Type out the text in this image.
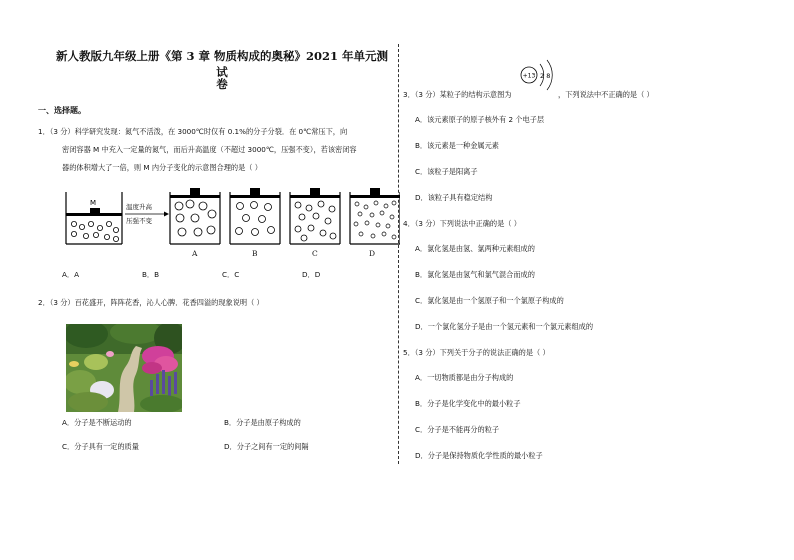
新人教版九年级上册《第 3 章 物质构成的奥秘》2021 年单元测试
卷
一、选择题。
1．（3 分）科学研究发现：氮气不活泼，在 3000℃时仅有 0.1%的分子分裂．在 0℃常压下，向
密闭容器 M 中充入一定量的氮气，而后升高温度（不超过 3000℃，压强不变），若该密闭容
器的体积增大了一倍，则 M 内分子变化的示意图合理的是（ ）
M	温度升高
压强不变
A	B	C	D
A．A	B．B	C．C	D．D
2．（3 分）百花盛开，阵阵花香，沁人心脾．花香四溢的现象说明（ ）
A．分子是不断运动的	B．分子是由原子构成的
C．分子具有一定的质量	D．分子之间有一定的间隔
3．（3 分）某粒子的结构示意图为
+13 2 8
，下列说法中不正确的是（ ）
A．该元素原子的原子核外有 2 个电子层
B．该元素是一种金属元素
C．该粒子是阳离子
D．该粒子具有稳定结构
4．（3 分）下列说法中正确的是（ ）
A．氯化氢是由氢、氯两种元素组成的
B．氯化氢是由氢气和氯气混合而成的
C．氯化氢是由一个氢原子和一个氯原子构成的
D．一个氯化氢分子是由一个氢元素和一个氯元素组成的
5．（3 分）下列关于分子的说法正确的是（ ）
A．一切物质都是由分子构成的
B．分子是化学变化中的最小粒子
C．分子是不能再分的粒子
D．分子是保持物质化学性质的最小粒子
